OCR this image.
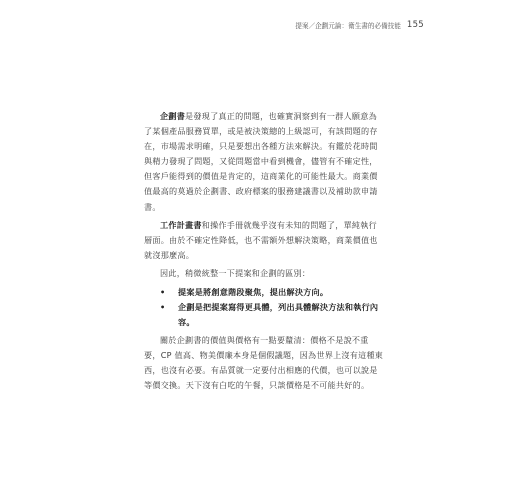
提案／企劃元論：衛生書的必備技能 155

企劃書是發現了真正的問題，也確實洞察到有一群人願意為了某個產品服務買單，或是被決策總的上級認可，有該問題的存在，市場需求明確，只是要想出各種方法來解決。有鑑於花時間與精力發現了問題，又從問題當中看到機會，儘管有不確定性，但客戶能得到的價值是肯定的，這商業化的可能性最大。商業價值最高的莫過於企劃書、政府標案的服務建議書以及補助款申請書。

工作計畫書和操作手冊就幾乎沒有未知的問題了，單純執行層面。由於不確定性降低，也不需額外想解決策略，商業價值也就沒那麼高。

因此，稍微統整一下提案和企劃的區別：

• 提案是將創意階段聚焦，提出解決方向。
• 企劃是把提案寫得更具體，列出具體解決方法和執行內容。

關於企劃書的價值與價格有一點要釐清：價格不是說不重要，CP 值高、物美價廉本身是個假議題，因為世界上沒有這種東西，也沒有必要。有品質就一定要付出相應的代價，也可以說是等價交換。天下沒有白吃的午餐，只談價格是不可能共好的。
